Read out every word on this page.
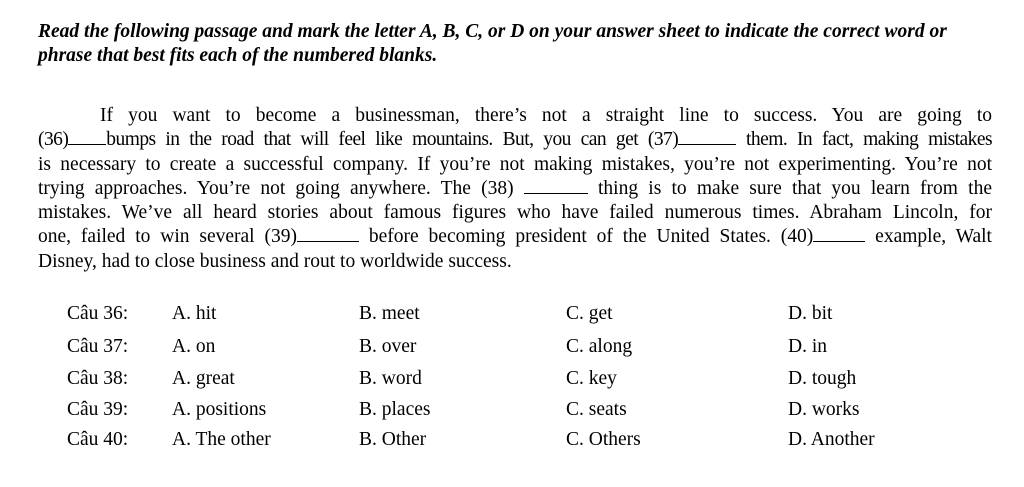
Read the following passage and mark the letter A, B, C, or D on your answer sheet to indicate the correct word or phrase that best fits each of the numbered blanks.

If you want to become a businessman, there’s not a straight line to success. You are going to
(36) bumps in the road that will feel like mountains. But, you can get (37)	them. In fact, making mistakes
is necessary to create a successful company. If you’re not making mistakes, you’re not experimenting. You’re not
trying approaches. You’re not going anywhere. The (38)	thing is to make sure that you learn from the
mistakes. We’ve all heard stories about famous figures who have failed numerous times. Abraham Lincoln, for
one, failed to win several (39)	before becoming president of the United States. (40)	example, Walt
Disney, had to close business and rout to worldwide success.
Câu 36: A. hit	B. meet	C. get	D. bit
Câu 37: A. on	B. over	C. along	D. in
Câu 38: A. great	B. word	C. key	D. tough
Câu 39: A. positions	B. places	C. seats	D. works
Câu 40: A. The other	B. Other	C. Others	D. Another
